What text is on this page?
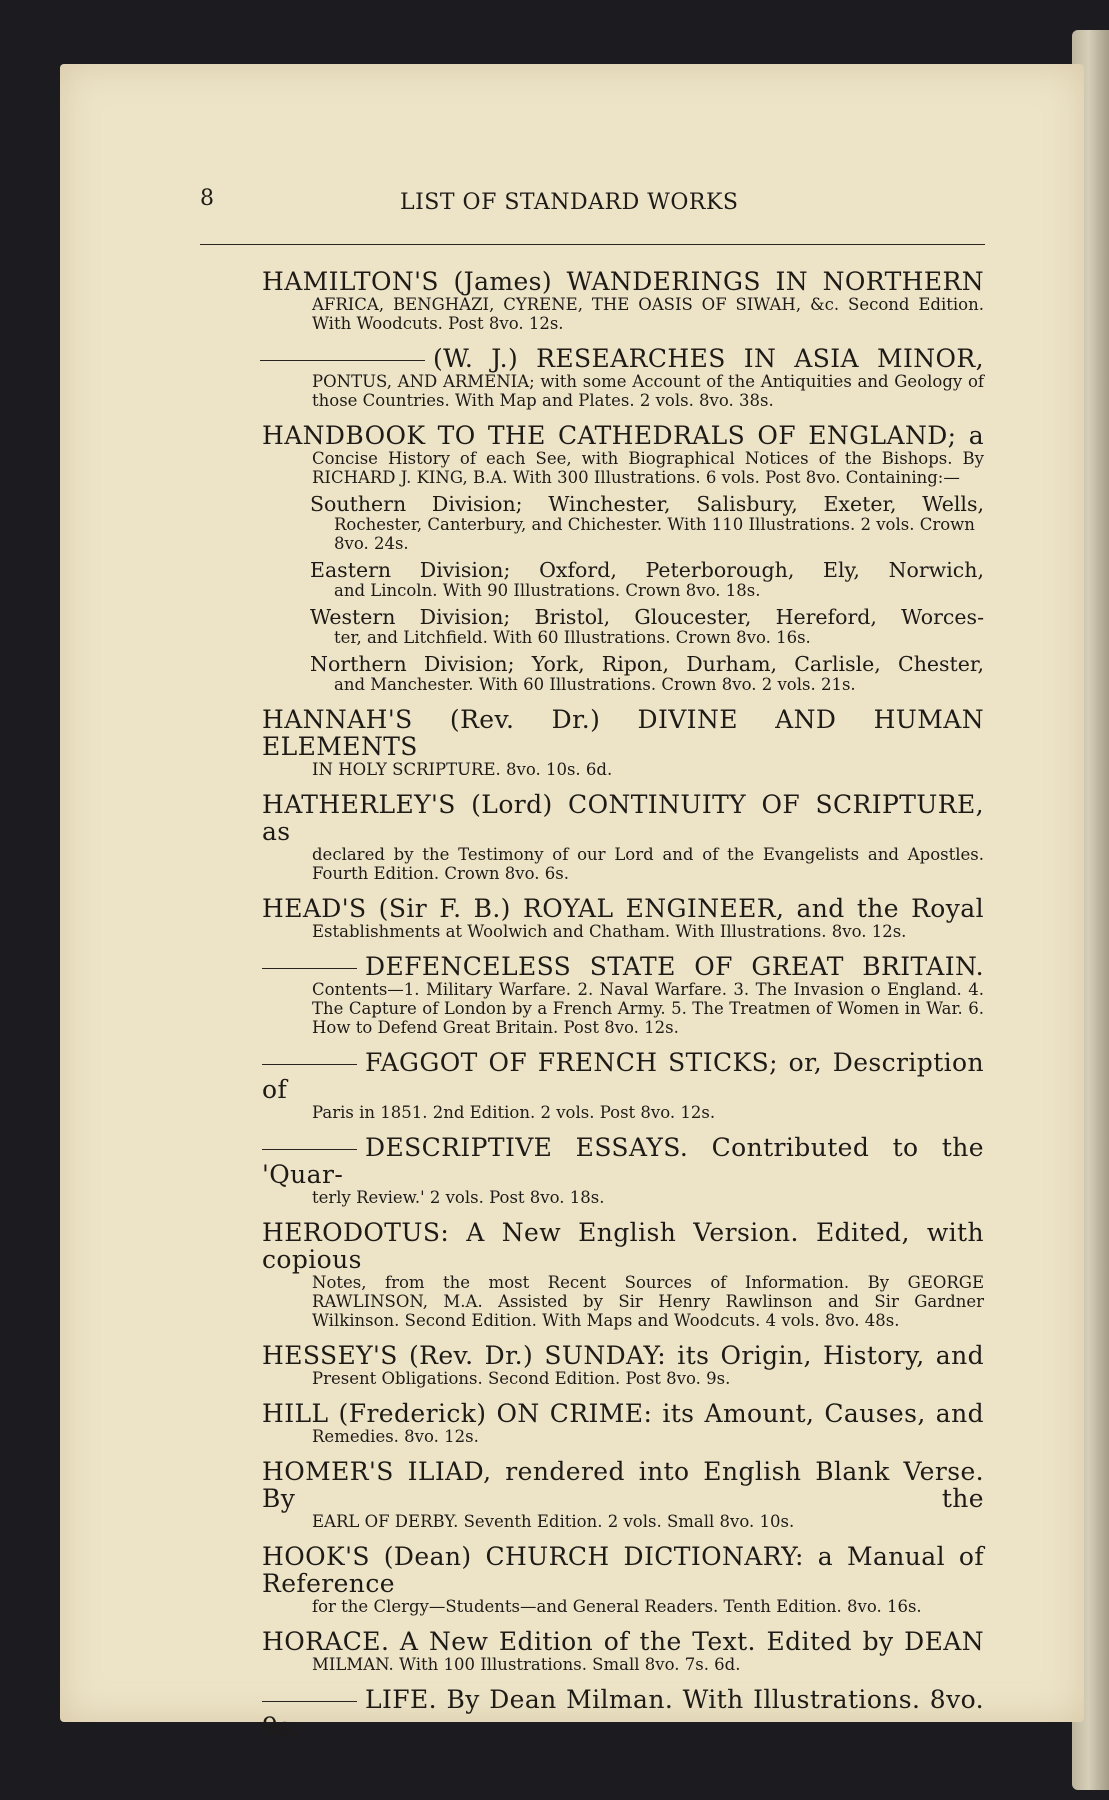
8	LIST OF STANDARD WORKS
HAMILTON'S (James) WANDERINGS IN NORTHERN
AFRICA, BENGHAZI, CYRENE, THE OASIS OF SIWAH, &c. Second Edition. With Woodcuts. Post 8vo. 12s.
(W. J.) RESEARCHES IN ASIA MINOR,
PONTUS, AND ARMENIA; with some Account of the Antiquities and Geology of those Countries. With Map and Plates. 2 vols. 8vo. 38s.
HANDBOOK TO THE CATHEDRALS OF ENGLAND; a
Concise History of each See, with Biographical Notices of the Bishops. By RICHARD J. KING, B.A. With 300 Illustrations. 6 vols. Post 8vo. Containing:—
Southern Division; Winchester, Salisbury, Exeter, Wells,
Rochester, Canterbury, and Chichester. With 110 Illustrations. 2 vols. Crown 8vo. 24s.
Eastern Division; Oxford, Peterborough, Ely, Norwich,
and Lincoln. With 90 Illustrations. Crown 8vo. 18s.
Western Division; Bristol, Gloucester, Hereford, Worces-
ter, and Litchfield. With 60 Illustrations. Crown 8vo. 16s.
Northern Division; York, Ripon, Durham, Carlisle, Chester,
and Manchester. With 60 Illustrations. Crown 8vo. 2 vols. 21s.
HANNAH'S (Rev. Dr.) DIVINE AND HUMAN ELEMENTS
IN HOLY SCRIPTURE. 8vo. 10s. 6d.
HATHERLEY'S (Lord) CONTINUITY OF SCRIPTURE, as
declared by the Testimony of our Lord and of the Evangelists and Apostles. Fourth Edition. Crown 8vo. 6s.
HEAD'S (Sir F. B.) ROYAL ENGINEER, and the Royal
Establishments at Woolwich and Chatham. With Illustrations. 8vo. 12s.
DEFENCELESS STATE OF GREAT BRITAIN.
Contents—1. Military Warfare. 2. Naval Warfare. 3. The Invasion o England. 4. The Capture of London by a French Army. 5. The Treatmen of Women in War. 6. How to Defend Great Britain. Post 8vo. 12s.
FAGGOT OF FRENCH STICKS; or, Description of
Paris in 1851. 2nd Edition. 2 vols. Post 8vo. 12s.
DESCRIPTIVE ESSAYS. Contributed to the 'Quar-
terly Review.' 2 vols. Post 8vo. 18s.
HERODOTUS: A New English Version. Edited, with copious
Notes, from the most Recent Sources of Information. By GEORGE RAWLINSON, M.A. Assisted by Sir Henry Rawlinson and Sir Gardner Wilkinson. Second Edition. With Maps and Woodcuts. 4 vols. 8vo. 48s.
HESSEY'S (Rev. Dr.) SUNDAY: its Origin, History, and
Present Obligations. Second Edition. Post 8vo. 9s.
HILL (Frederick) ON CRIME: its Amount, Causes, and
Remedies. 8vo. 12s.
HOMER'S ILIAD, rendered into English Blank Verse. By the
EARL OF DERBY. Seventh Edition. 2 vols. Small 8vo. 10s.
HOOK'S (Dean) CHURCH DICTIONARY: a Manual of Reference
for the Clergy—Students—and General Readers. Tenth Edition. 8vo. 16s.
HORACE. A New Edition of the Text. Edited by DEAN
MILMAN. With 100 Illustrations. Small 8vo. 7s. 6d.
LIFE. By Dean Milman. With Illustrations. 8vo. 9s.
